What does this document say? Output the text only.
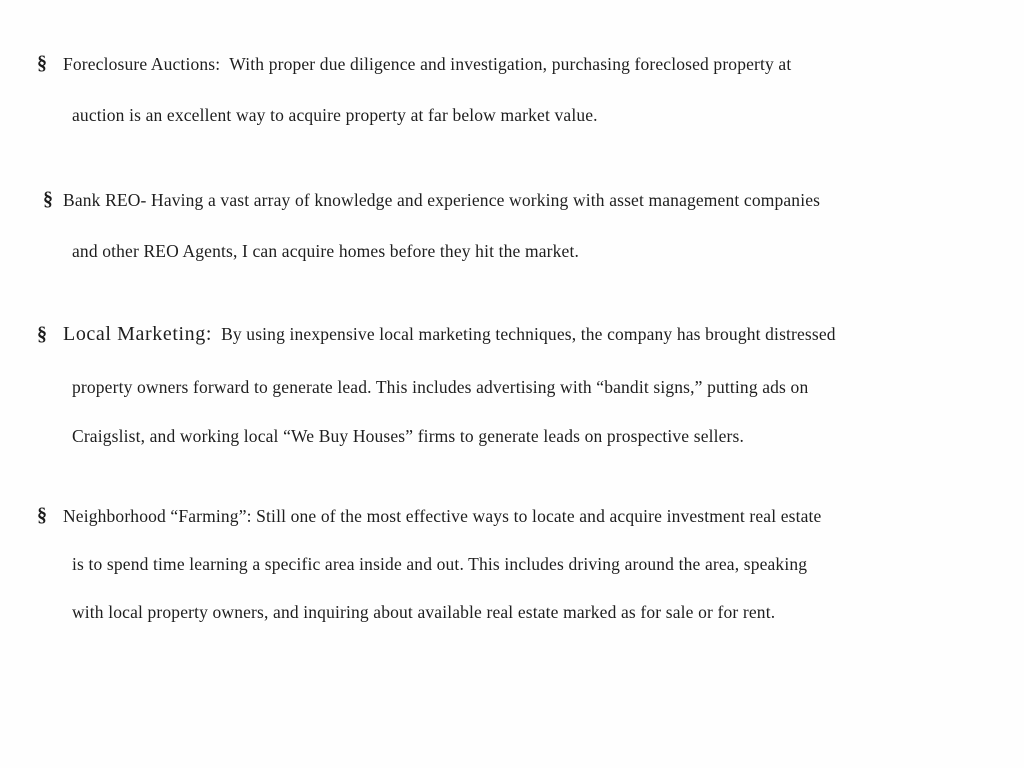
§ Foreclosure Auctions: With proper due diligence and investigation, purchasing foreclosed property at
auction is an excellent way to acquire property at far below market value.
§ Bank REO- Having a vast array of knowledge and experience working with asset management companies
and other REO Agents, I can acquire homes before they hit the market.
§ Local Marketing: By using inexpensive local marketing techniques, the company has brought distressed
property owners forward to generate lead. This includes advertising with “bandit signs,” putting ads on
Craigslist, and working local “We Buy Houses” firms to generate leads on prospective sellers.
§ Neighborhood “Farming”: Still one of the most effective ways to locate and acquire investment real estate
is to spend time learning a specific area inside and out. This includes driving around the area, speaking
with local property owners, and inquiring about available real estate marked as for sale or for rent.
